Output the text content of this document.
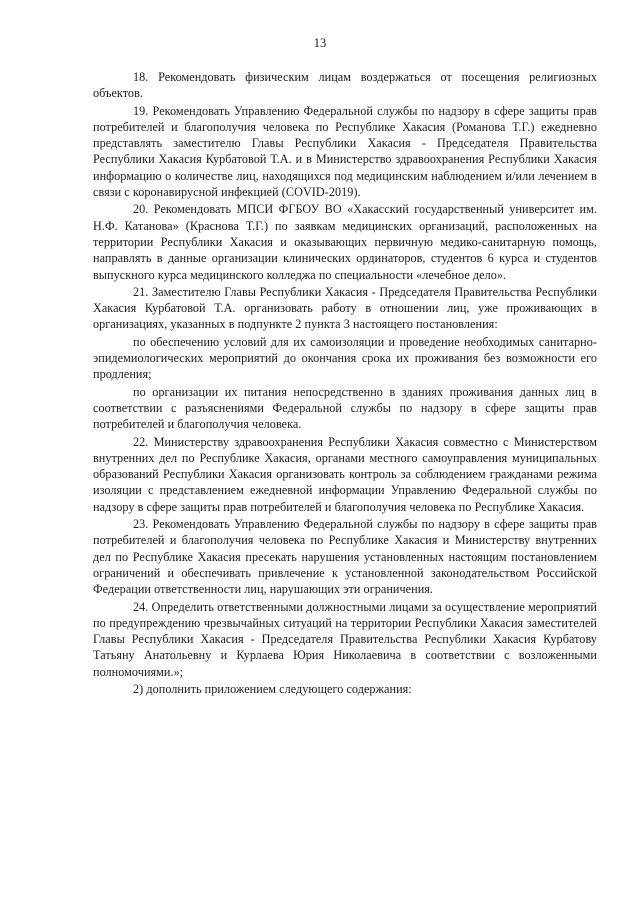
13

18. Рекомендовать физическим лицам воздержаться от посещения религиозных объектов.

19. Рекомендовать Управлению Федеральной службы по надзору в сфере защиты прав потребителей и благополучия человека по Республике Хакасия (Романова Т.Г.) ежедневно представлять заместителю Главы Республики Хакасия - Председателя Правительства Республики Хакасия Курбатовой Т.А. и в Министерство здравоохранения Республики Хакасия информацию о количестве лиц, находящихся под медицинским наблюдением и/или лечением в связи с коронавирусной инфекцией (COVID-2019).

20. Рекомендовать МПСИ ФГБОУ ВО «Хакасский государственный университет им. Н.Ф. Катанова» (Краснова Т.Г.) по заявкам медицинских организаций, расположенных на территории Республики Хакасия и оказывающих первичную медико-санитарную помощь, направлять в данные организации клинических ординаторов, студентов 6 курса и студентов выпускного курса медицинского колледжа по специальности «лечебное дело».

21. Заместителю Главы Республики Хакасия - Председателя Правительства Республики Хакасия Курбатовой Т.А. организовать работу в отношении лиц, уже проживающих в организациях, указанных в подпункте 2 пункта 3 настоящего постановления:

по обеспечению условий для их самоизоляции и проведение необходимых санитарно-эпидемиологических мероприятий до окончания срока их проживания без возможности его продления;

по организации их питания непосредственно в зданиях проживания данных лиц в соответствии с разъяснениями Федеральной службы по надзору в сфере защиты прав потребителей и благополучия человека.

22. Министерству здравоохранения Республики Хакасия совместно с Министерством внутренних дел по Республике Хакасия, органами местного самоуправления муниципальных образований Республики Хакасия организовать контроль за соблюдением гражданами режима изоляции с представлением ежедневной информации Управлению Федеральной службы по надзору в сфере защиты прав потребителей и благополучия человека по Республике Хакасия.

23. Рекомендовать Управлению Федеральной службы по надзору в сфере защиты прав потребителей и благополучия человека по Республике Хакасия и Министерству внутренних дел по Республике Хакасия пресекать нарушения установленных настоящим постановлением ограничений и обеспечивать привлечение к установленной законодательством Российской Федерации ответственности лиц, нарушающих эти ограничения.

24. Определить ответственными должностными лицами за осуществление мероприятий по предупреждению чрезвычайных ситуаций на территории Республики Хакасия заместителей Главы Республики Хакасия - Председателя Правительства Республики Хакасия Курбатову Татьяну Анатольевну и Курлаева Юрия Николаевича в соответствии с возложенными полномочиями.»;

2) дополнить приложением следующего содержания:
